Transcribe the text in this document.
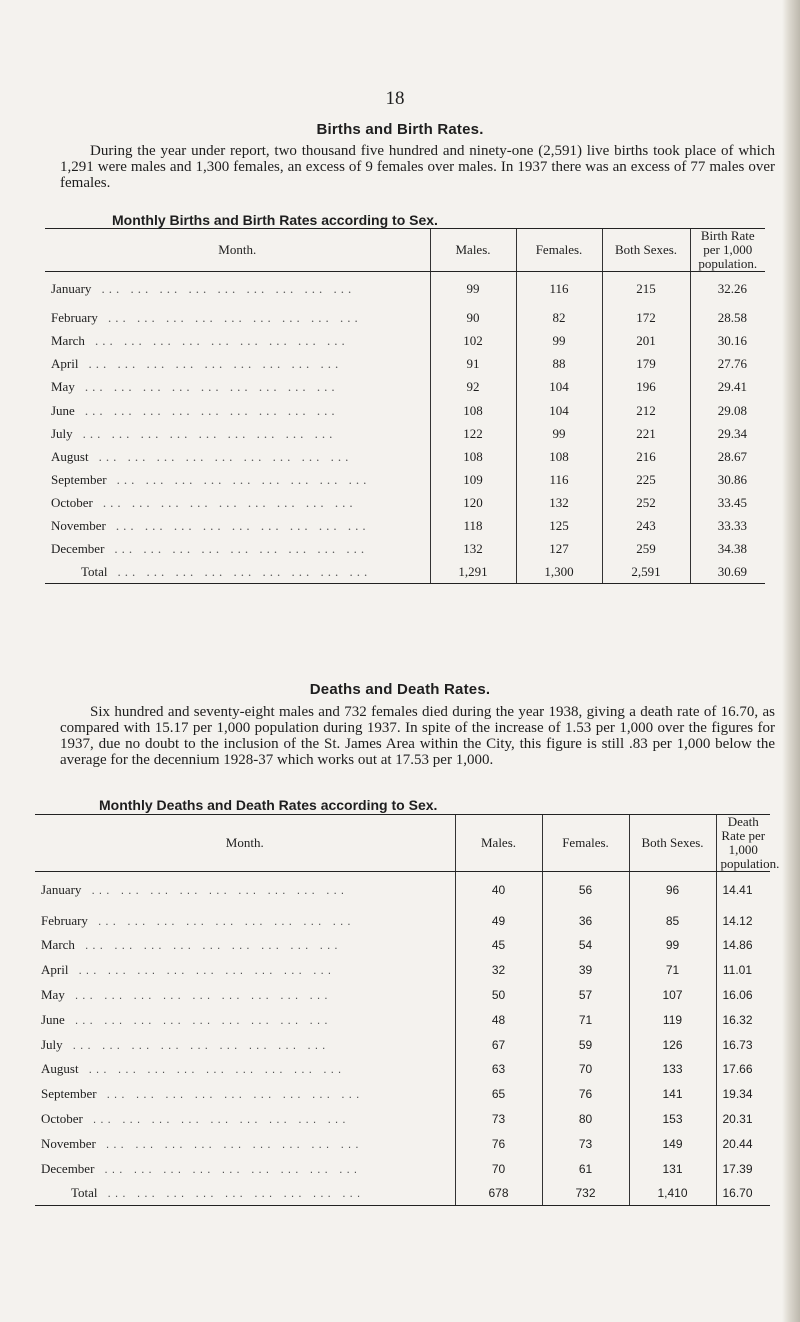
18
Births and Birth Rates.

During the year under report, two thousand five hundred and ninety-one (2,591) live births took place of which 1,291 were males and 1,300 females, an excess of 9 females over males. In 1937 there was an excess of 77 males over females.

Monthly Births and Birth Rates according to Sex.
Month.	Males.	Females.	Both Sexes.	Birth Rate per 1,000 population.

January ... ... ... ... ... ... ... ... ...	99	116	215	32.26

February ... ... ... ... ... ... ... ... ...	90	82	172	28.58

March ... ... ... ... ... ... ... ... ...	102	99	201	30.16

April ... ... ... ... ... ... ... ... ...	91	88	179	27.76

May ... ... ... ... ... ... ... ... ...	92	104	196	29.41

June ... ... ... ... ... ... ... ... ...	108	104	212	29.08

July ... ... ... ... ... ... ... ... ...	122	99	221	29.34

August ... ... ... ... ... ... ... ... ...	108	108	216	28.67

September ... ... ... ... ... ... ... ... ...	109	116	225	30.86

October ... ... ... ... ... ... ... ... ...	120	132	252	33.45

November ... ... ... ... ... ... ... ... ...	118	125	243	33.33

December ... ... ... ... ... ... ... ... ...	132	127	259	34.38

Total ... ... ... ... ... ... ... ... ...	1,291	1,300	2,591	30.69
Deaths and Death Rates.

Six hundred and seventy-eight males and 732 females died during the year 1938, giving a death rate of 16.70, as compared with 15.17 per 1,000 population during 1937. In spite of the increase of 1.53 per 1,000 over the figures for 1937, due no doubt to the inclusion of the St. James Area within the City, this figure is still .83 per 1,000 below the average for the decennium 1928-37 which works out at 17.53 per 1,000.

Monthly Deaths and Death Rates according to Sex.
Month.	Males.	Females.	Both Sexes.	Death Rate per 1,000 population.

January ... ... ... ... ... ... ... ... ...	40	56	96	14.41

February ... ... ... ... ... ... ... ... ...	49	36	85	14.12

March ... ... ... ... ... ... ... ... ...	45	54	99	14.86

April ... ... ... ... ... ... ... ... ...	32	39	71	11.01

May ... ... ... ... ... ... ... ... ...	50	57	107	16.06

June ... ... ... ... ... ... ... ... ...	48	71	119	16.32

July ... ... ... ... ... ... ... ... ...	67	59	126	16.73

August ... ... ... ... ... ... ... ... ...	63	70	133	17.66

September ... ... ... ... ... ... ... ... ...	65	76	141	19.34

October ... ... ... ... ... ... ... ... ...	73	80	153	20.31

November ... ... ... ... ... ... ... ... ...	76	73	149	20.44

December ... ... ... ... ... ... ... ... ...	70	61	131	17.39

Total ... ... ... ... ... ... ... ... ...	678	732	1,410	16.70
